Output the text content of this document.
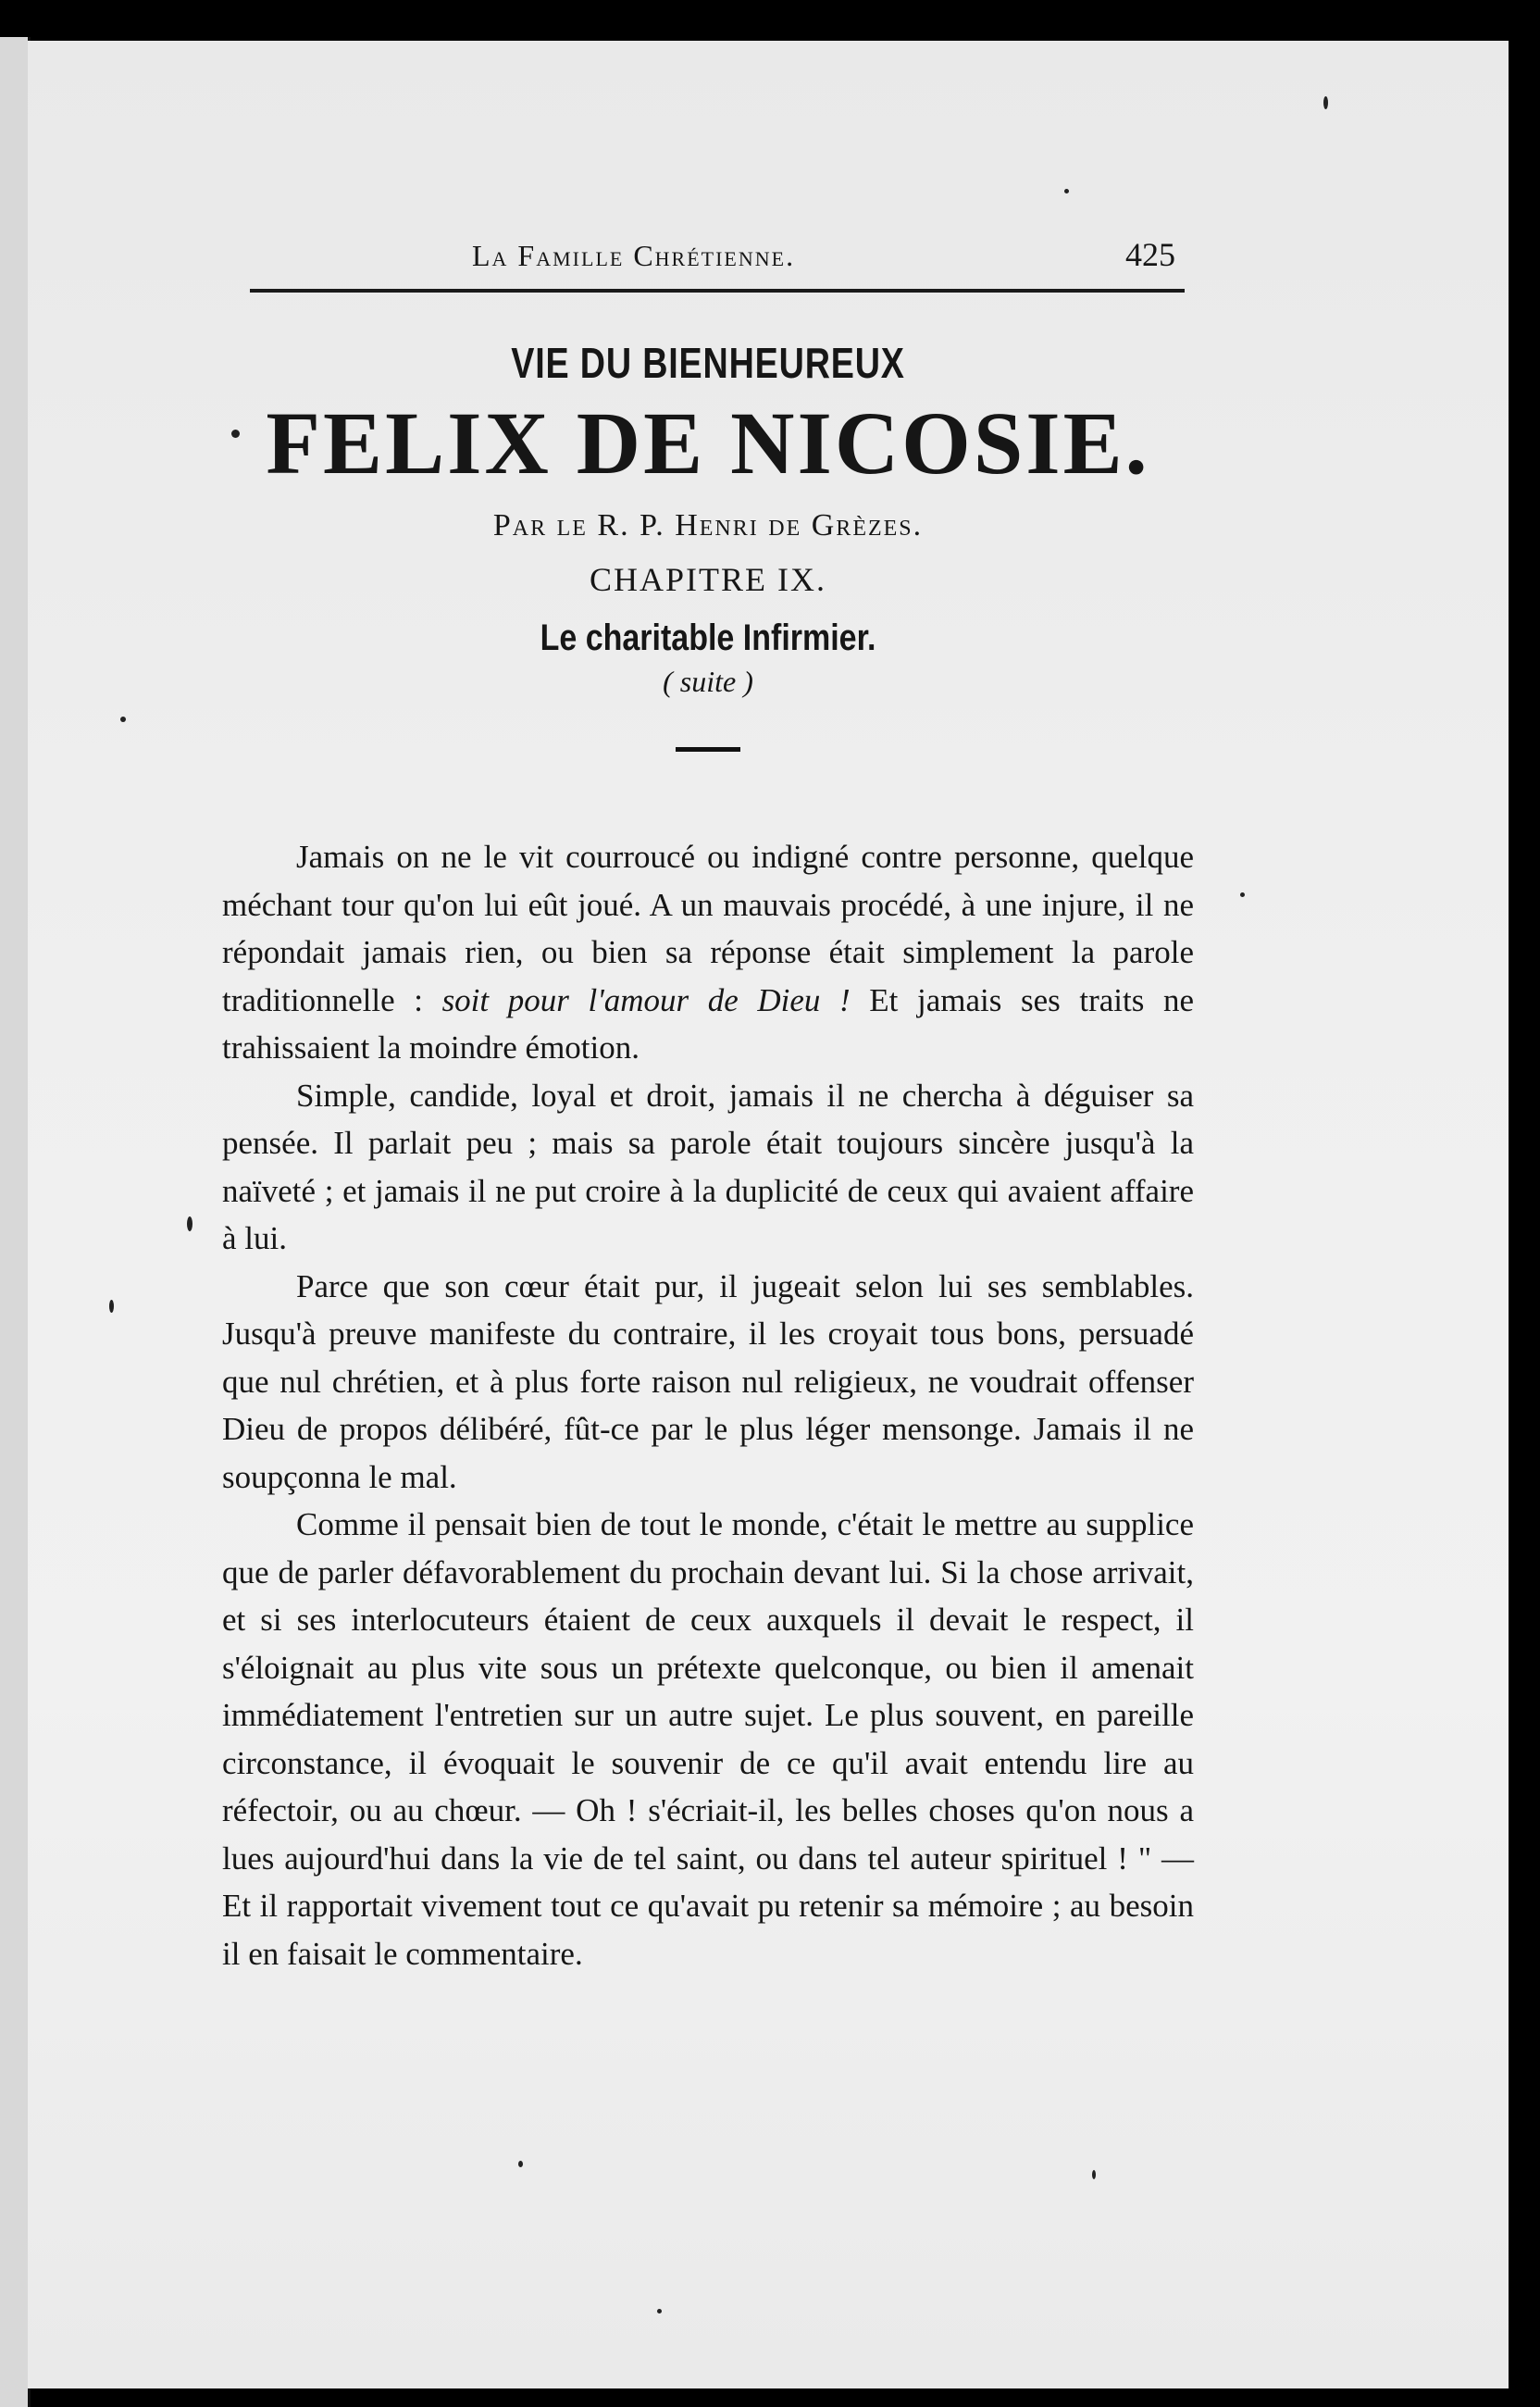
La Famille Chrétienne.	425
VIE DU BIENHEUREUX
FELIX DE NICOSIE.
Par le R. P. Henri de Grèzes.
CHAPITRE IX.
Le charitable Infirmier.
( suite )

Jamais on ne le vit courroucé ou indigné contre personne, quelque méchant tour qu'on lui eût joué. A un mauvais procédé, à une injure, il ne répondait jamais rien, ou bien sa réponse était simplement la parole traditionnelle : soit pour l'amour de Dieu ! Et jamais ses traits ne trahissaient la moindre émotion.

Simple, candide, loyal et droit, jamais il ne chercha à déguiser sa pensée. Il parlait peu ; mais sa parole était toujours sincère jusqu'à la naïveté ; et jamais il ne put croire à la duplicité de ceux qui avaient affaire à lui.

Parce que son cœur était pur, il jugeait selon lui ses semblables. Jusqu'à preuve manifeste du contraire, il les croyait tous bons, persuadé que nul chrétien, et à plus forte raison nul religieux, ne voudrait offenser Dieu de propos délibéré, fût-ce par le plus léger mensonge. Jamais il ne soupçonna le mal.

Comme il pensait bien de tout le monde, c'était le mettre au supplice que de parler défavorablement du prochain devant lui. Si la chose arrivait, et si ses interlocuteurs étaient de ceux auxquels il devait le respect, il s'éloignait au plus vite sous un prétexte quelconque, ou bien il amenait immédiatement l'entretien sur un autre sujet. Le plus souvent, en pareille circonstance, il évoquait le souvenir de ce qu'il avait entendu lire au réfectoir, ou au chœur. — Oh ! s'écriait-il, les belles choses qu'on nous a lues aujourd'hui dans la vie de tel saint, ou dans tel auteur spirituel ! " — Et il rapportait vivement tout ce qu'avait pu retenir sa mémoire ; au besoin il en faisait le commentaire.
